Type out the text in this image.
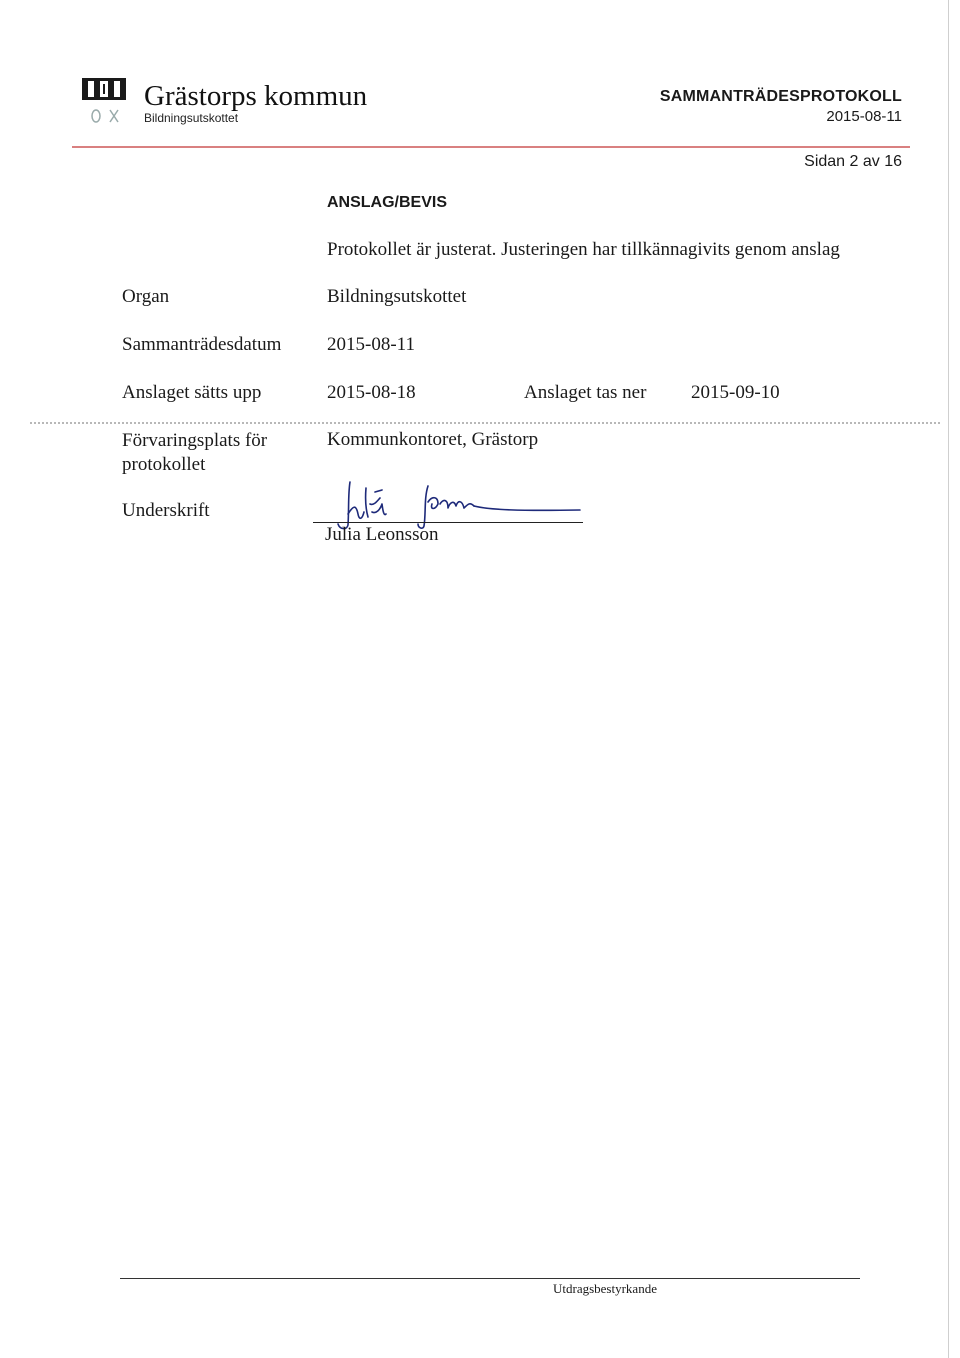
Grästorps kommun
Bildningsutskottet
SAMMANTRÄDESPROTOKOLL
2015-08-11
Sidan 2 av 16
ANSLAG/BEVIS
Protokollet är justerat. Justeringen har tillkännagivits genom anslag
Organ	Bildningsutskottet
Sammanträdesdatum 2015-08-11
Anslaget sätts upp	2015-08-18	Anslaget tas ner 2015-09-10
Förvaringsplats för
protokollet
Kommunkontoret, Grästorp
Underskrift
Julia Leonsson
Utdragsbestyrkande
